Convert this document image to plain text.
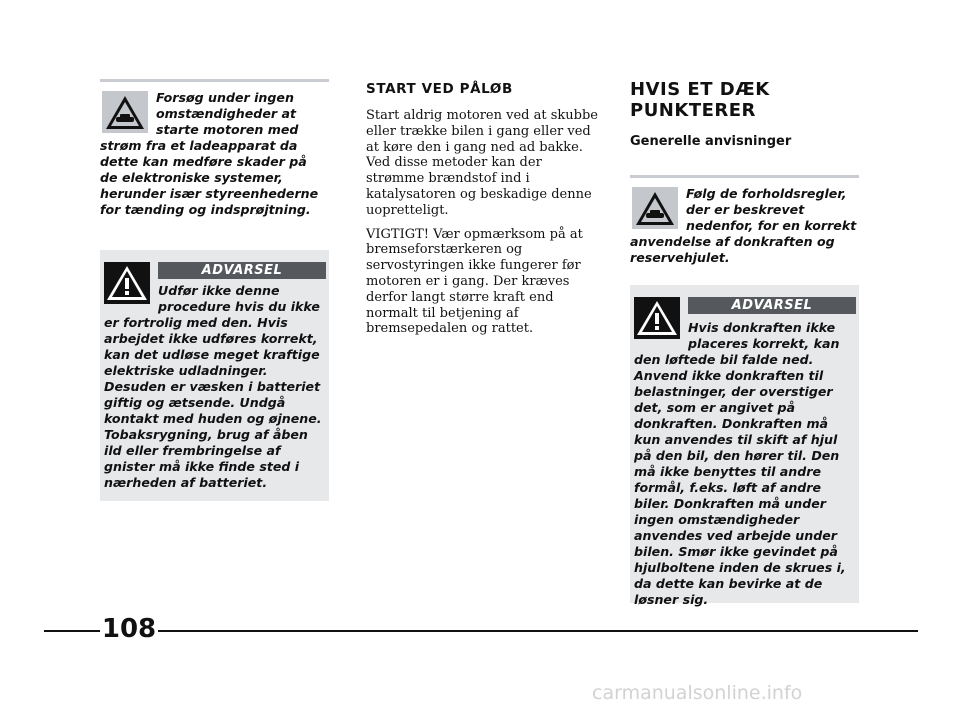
Forsøg under ingen
omstændigheder at
starte motoren med

strøm fra et ladeapparat da dette kan medføre skader på de elektroniske systemer, herunder især styreenhederne for tænding og indsprøjtning.

ADVARSEL

Udfør ikke denne
procedure hvis du ikke

er fortrolig med den. Hvis arbejdet ikke udføres korrekt, kan det udløse meget kraftige elektriske udladninger. Desuden er væsken i batteriet giftig og ætsende. Undgå kontakt med huden og øjnene. Tobaksrygning, brug af åben ild eller frembringelse af gnister må ikke finde sted i nærheden af batteriet.

START VED PÅLØB

Start aldrig motoren ved at skubbe eller trække bilen i gang eller ved at køre den i gang ned ad bakke. Ved disse metoder kan der strømme brændstof ind i katalysatoren og beskadige denne uopretteligt.

VIGTIGT! Vær opmærksom på at bremseforstærkeren og servostyringen ikke fungerer før motoren er i gang. Der kræves derfor langt større kraft end normalt til betjening af bremsepedalen og rattet.

HVIS ET DÆK
PUNKTERER
Generelle anvisninger

Følg de forholdsregler,
der er beskrevet
nedenfor, for en korrekt

anvendelse af donkraften og reservehjulet.

ADVARSEL

Hvis donkraften ikke
placeres korrekt, kan

den løftede bil falde ned. Anvend ikke donkraften til belastninger, der overstiger det, som er angivet på donkraften. Donkraften må kun anvendes til skift af hjul på den bil, den hører til. Den må ikke benyttes til andre formål, f.eks. løft af andre biler. Donkraften må under ingen omstændigheder anvendes ved arbejde under bilen. Smør ikke gevindet på hjulboltene inden de skrues i, da dette kan bevirke at de løsner sig.

108
carmanualsonline.info
